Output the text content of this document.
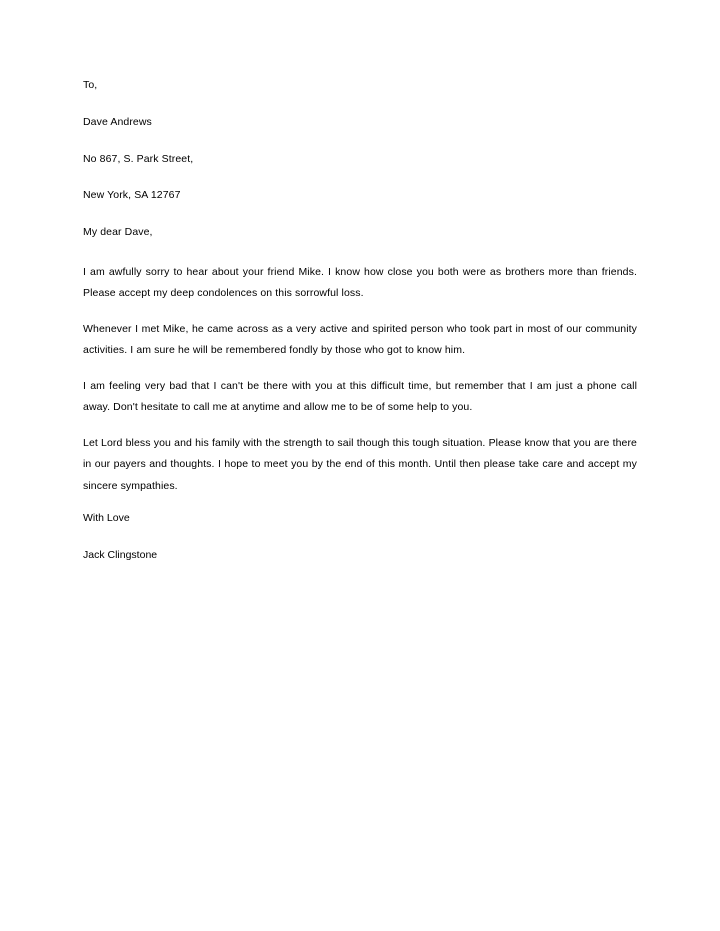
To,

Dave Andrews

No 867, S. Park Street,

New York, SA 12767

My dear Dave,

I am awfully sorry to hear about your friend Mike. I know how close you both were as brothers more than friends. Please accept my deep condolences on this sorrowful loss.

Whenever I met Mike, he came across as a very active and spirited person who took part in most of our community activities. I am sure he will be remembered fondly by those who got to know him.

I am feeling very bad that I can't be there with you at this difficult time, but remember that I am just a phone call away. Don't hesitate to call me at anytime and allow me to be of some help to you.

Let Lord bless you and his family with the strength to sail though this tough situation. Please know that you are there in our payers and thoughts. I hope to meet you by the end of this month. Until then please take care and accept my sincere sympathies.

With Love

Jack Clingstone
